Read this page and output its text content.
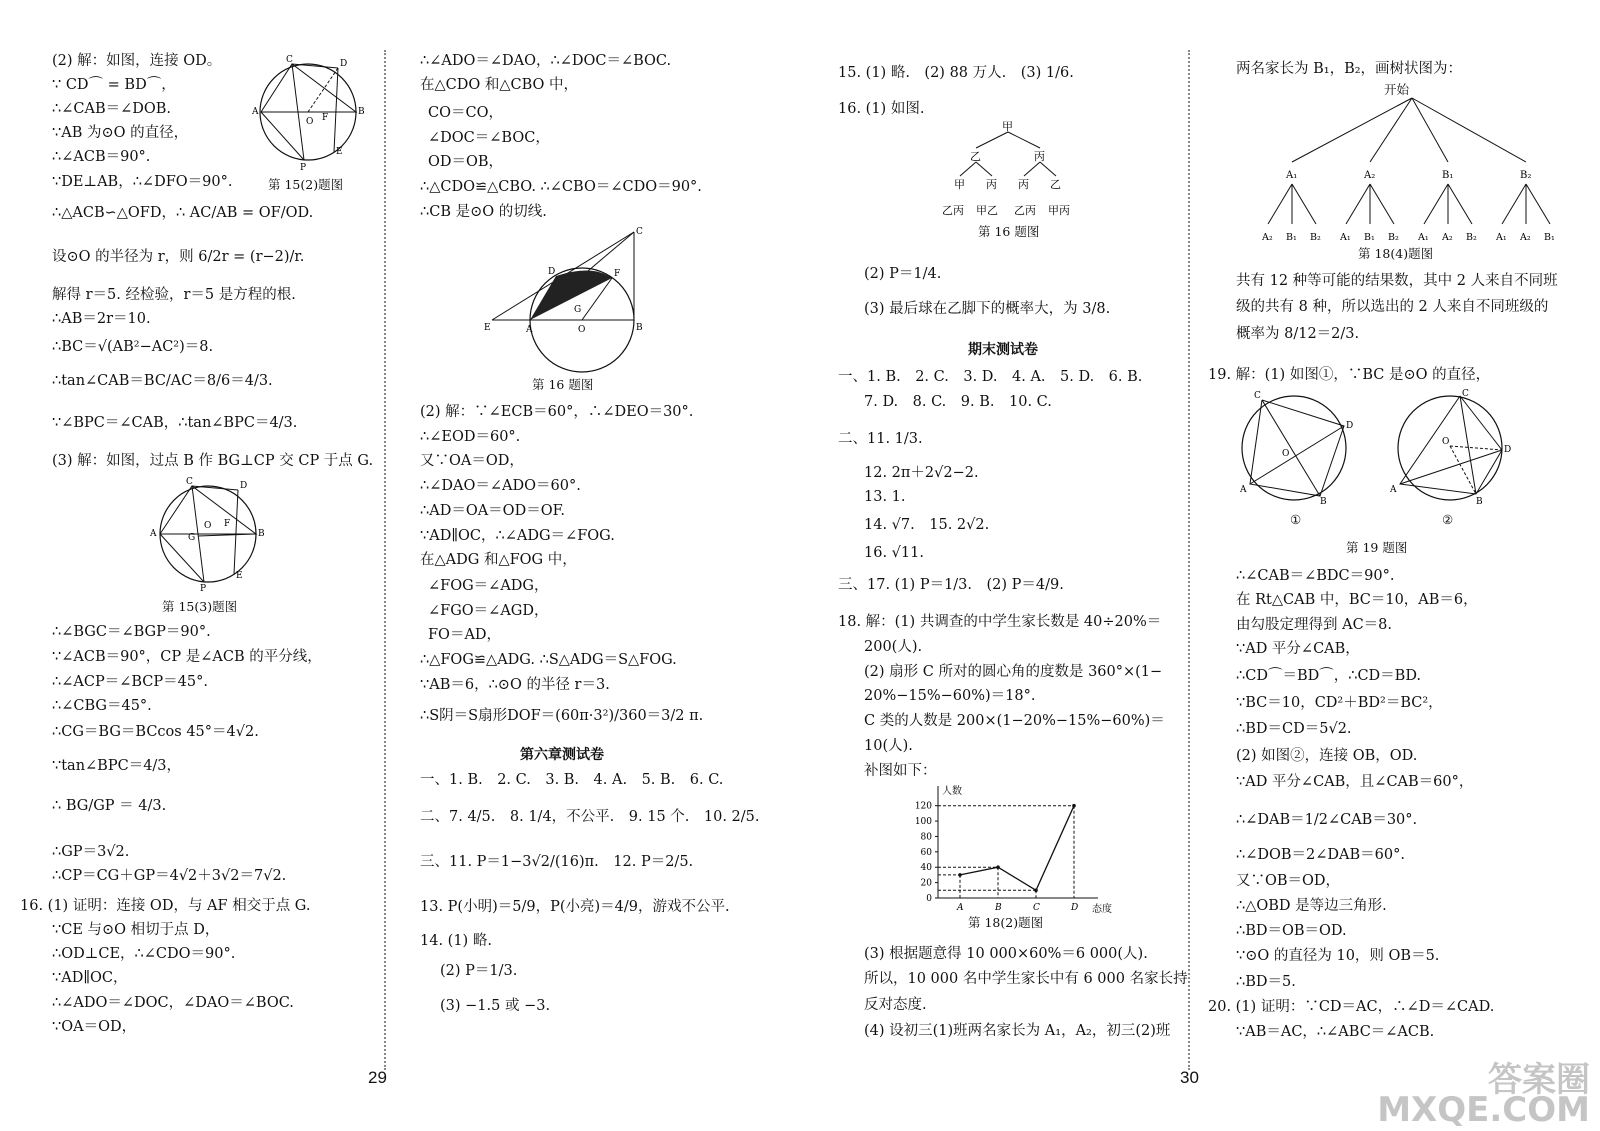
(2) 解：如图，连接 OD。
∵ CD⌒ = BD⌒，
∴∠CAB＝∠DOB.
∵AB 为⊙O 的直径，
∴∠ACB＝90°.
∵DE⊥AB，∴∠DFO＝90°.
∴△ACB∽△OFD，∴ AC/AB = OF/OD.
设⊙O 的半径为 r，则 6/2r = (r−2)/r.
解得 r＝5. 经检验，r＝5 是方程的根.
∴AB＝2r＝10.
∴BC＝√(AB²−AC²)＝8.
∴tan∠CAB＝BC/AC＝8/6＝4/3.
∵∠BPC＝∠CAB，∴tan∠BPC＝4/3.
(3) 解：如图，过点 B 作 BG⊥CP 交 CP 于点 G.
∴∠BGC＝∠BGP＝90°.
∵∠ACB＝90°，CP 是∠ACB 的平分线，
∴∠ACP＝∠BCP＝45°.
∴∠CBG＝45°.
∴CG＝BG＝BCcos 45°＝4√2.
∵tan∠BPC＝4/3，
∴ BG/GP ＝ 4/3.
∴GP＝3√2.
∴CP＝CG＋GP＝4√2＋3√2＝7√2.
16. (1) 证明：连接 OD，与 AF 相交于点 G.
∵CE 与⊙O 相切于点 D，
∴OD⊥CE，∴∠CDO＝90°.
∵AD∥OC，
∴∠ADO＝∠DOC，∠DAO＝∠BOC.
∵OA＝OD，
∴∠ADO＝∠DAO，∴∠DOC＝∠BOC.
在△CDO 和△CBO 中，
CO＝CO，
∠DOC＝∠BOC，
OD＝OB，
∴△CDO≌△CBO. ∴∠CBO＝∠CDO＝90°.
∴CB 是⊙O 的切线.
(2) 解：∵∠ECB＝60°，∴∠DEO＝30°.
∴∠EOD＝60°.
又∵OA＝OD，
∴∠DAO＝∠ADO＝60°.
∴AD＝OA＝OD＝OF.
∵AD∥OC，∴∠ADG＝∠FOG.
在△ADG 和△FOG 中，
∠FOG＝∠ADG，
∠FGO＝∠AGD，
FO＝AD，
∴△FOG≌△ADG. ∴S△ADG＝S△FOG.
∵AB＝6，∴⊙O 的半径 r＝3.
∴S阴＝S扇形DOF＝(60π·3²)/360＝3/2 π.
第六章测试卷
一、1. B.　2. C.　3. B.　4. A.　5. B.　6. C.
二、7. 4/5.　8. 1/4，不公平.　9. 15 个.　10. 2/5.
三、11. P＝1−3√2/(16)π.　12. P＝2/5.
13. P(小明)＝5/9，P(小亮)＝4/9，游戏不公平.
14. (1) 略.
(2) P＝1/3.
(3) −1.5 或 −3.
A	B
C	D
O F
P
E
第 15(2)题图
A	B
C	D
G
O F
P
E
第 15(3)题图
E	A	O	B
C
D	F
G
第 16 题图
29
15. (1) 略.　(2) 88 万人.　(3) 1/6.
16. (1) 如图.
(2) P＝1/4.
(3) 最后球在乙脚下的概率大，为 3/8.
期末测试卷
一、1. B.　2. C.　3. D.　4. A.　5. D.　6. B.
7. D.　8. C.　9. B.　10. C.
二、11. 1/3.
12. 2π＋2√2−2.
13. 1.
14. √7.　15. 2√2.
16. √11.
三、17. (1) P＝1/3.　(2) P＝4/9.
18. 解：(1) 共调查的中学生家长数是 40÷20%＝
200(人).
(2) 扇形 C 所对的圆心角的度数是 360°×(1−
20%−15%−60%)＝18°.
C 类的人数是 200×(1−20%−15%−60%)＝
10(人).
补图如下：
(3) 根据题意得 10 000×60%＝6 000(人).
所以，10 000 名中学生家长中有 6 000 名家长持
反对态度.
(4) 设初三(1)班两名家长为 A₁，A₂，初三(2)班
两名家长为 B₁，B₂，画树状图为：
共有 12 种等可能的结果数，其中 2 人来自不同班
级的共有 8 种，所以选出的 2 人来自不同班级的
概率为 8/12＝2/3.
19. 解：(1) 如图①，∵BC 是⊙O 的直径，
∴∠CAB＝∠BDC＝90°.
在 Rt△CAB 中，BC＝10，AB＝6，
由勾股定理得到 AC＝8.
∵AD 平分∠CAB，
∴CD⌒＝BD⌒，∴CD＝BD.
∵BC＝10，CD²＋BD²＝BC²，
∴BD＝CD＝5√2.
(2) 如图②，连接 OB，OD.
∵AD 平分∠CAB，且∠CAB＝60°，
∴∠DAB＝1/2∠CAB＝30°.
∴∠DOB＝2∠DAB＝60°.
又∵OB＝OD，
∴△OBD 是等边三角形.
∴BD＝OB＝OD.
∵⊙O 的直径为 10，则 OB＝5.
∴BD＝5.
20. (1) 证明：∵CD＝AC，∴∠D＝∠CAD.
∵AB＝AC，∴∠ABC＝∠ACB.
甲
乙	丙
甲 丙 丙 乙
乙丙 甲乙 乙丙 甲丙
第 16 题图
人数
态度
0
20
40
60
80
100
120
A	B	C	D
第 18(2)题图
开始
A₁
A₂ B₁ B₂
A₂
A₁ B₁ B₂
B₁
A₁ A₂ B₂
B₂
A₁ A₂ B₁
第 18(4)题图
C
D
A
B
O
C
D
A
B
O
①	②
第 19 题图
30	答案圈
MXQE.COM
